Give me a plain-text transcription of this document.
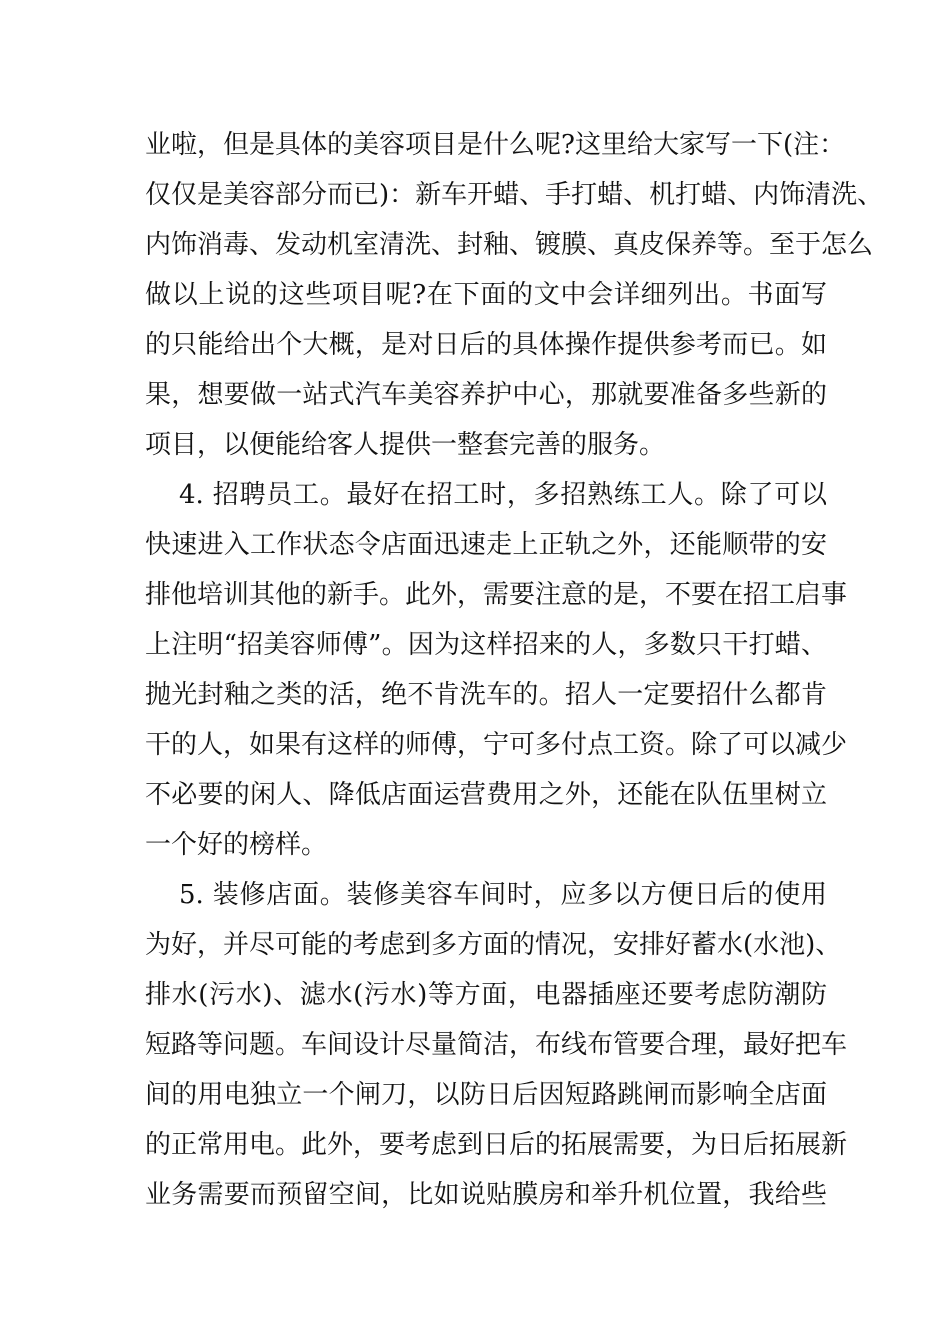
业啦，但是具体的美容项目是什么呢?这里给大家写一下(注：
仅仅是美容部分而已)：新车开蜡、手打蜡、机打蜡、内饰清洗、
内饰消毒、发动机室清洗、封釉、镀膜、真皮保养等。至于怎么
做以上说的这些项目呢?在下面的文中会详细列出。书面写
的只能给出个大概，是对日后的具体操作提供参考而已。如
果，想要做一站式汽车美容养护中心，那就要准备多些新的
项目，以便能给客人提供一整套完善的服务。
4. 招聘员工。最好在招工时，多招熟练工人。除了可以
快速进入工作状态令店面迅速走上正轨之外，还能顺带的安
排他培训其他的新手。此外，需要注意的是，不要在招工启事
上注明“招美容师傅”。因为这样招来的人，多数只干打蜡、
抛光封釉之类的活，绝不肯洗车的。招人一定要招什么都肯
干的人，如果有这样的师傅，宁可多付点工资。除了可以减少
不必要的闲人、降低店面运营费用之外，还能在队伍里树立
一个好的榜样。
5. 装修店面。装修美容车间时，应多以方便日后的使用
为好，并尽可能的考虑到多方面的情况，安排好蓄水(水池)、
排水(污水)、滤水(污水)等方面，电器插座还要考虑防潮防
短路等问题。车间设计尽量简洁，布线布管要合理，最好把车
间的用电独立一个闸刀，以防日后因短路跳闸而影响全店面
的正常用电。此外，要考虑到日后的拓展需要，为日后拓展新
业务需要而预留空间，比如说贴膜房和举升机位置，我给些
